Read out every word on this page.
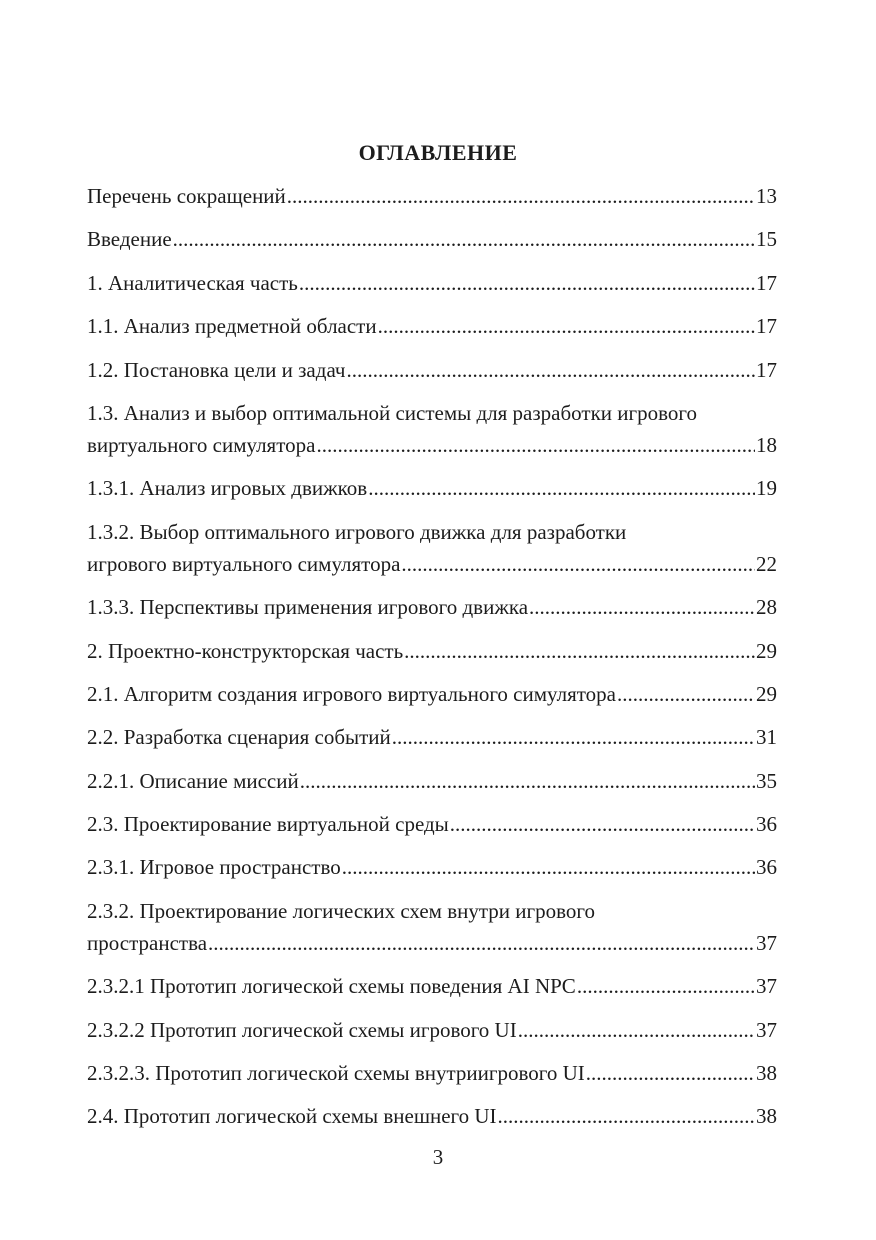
ОГЛАВЛЕНИЕ
Перечень сокращений .....	13
Введение .....	15
1. Аналитическая часть .....	17
1.1. Анализ предметной области .....	17
1.2. Постановка цели и задач .....	17
1.3. Анализ и выбор оптимальной системы для разработки игрового
виртуального симулятора .....	18
1.3.1. Анализ игровых движков .....	19
1.3.2. Выбор оптимального игрового движка для разработки
игрового виртуального симулятора .....	22
1.3.3. Перспективы применения игрового движка .....	28
2. Проектно-конструкторская часть .....	29
2.1. Алгоритм создания игрового виртуального симулятора .....	29
2.2. Разработка сценария событий .....	31
2.2.1. Описание миссий .....	35
2.3. Проектирование виртуальной среды .....	36
2.3.1. Игровое пространство .....	36
2.3.2. Проектирование логических схем внутри игрового
пространства .....	37
2.3.2.1 Прототип логической схемы поведения AI NPC .....	37
2.3.2.2 Прототип логической схемы игрового UI .....	37
2.3.2.3. Прототип логической схемы внутриигрового UI .....	38
2.4. Прототип логической схемы внешнего UI .....	38
3
